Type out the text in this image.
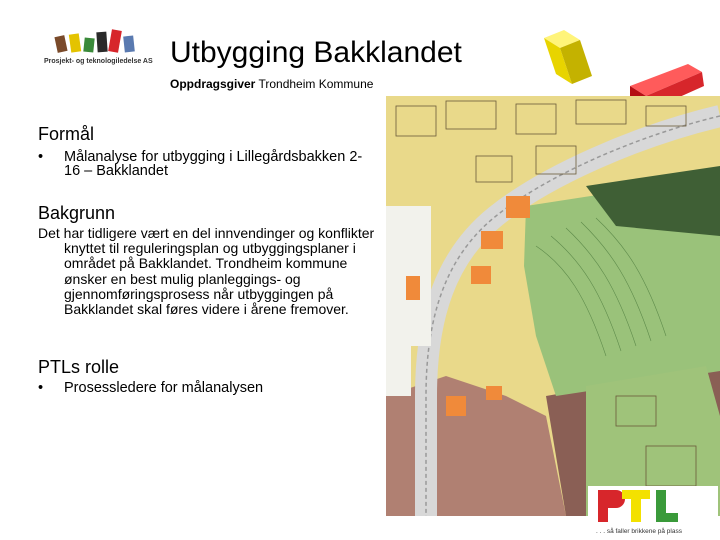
Prosjekt- og teknologiledelse AS Utbygging Bakklandet
Oppdragsgiver Trondheim Kommune
Formål
• Målanalyse for utbygging i Lillegårdsbakken 2-16 – Bakklandet
Bakgrunn
Det har tidligere vært en del innvendinger og konflikter knyttet til reguleringsplan og utbyggingsplaner i området på Bakklandet. Trondheim kommune ønsker en best mulig planleggings- og gjennomføringsprosess når utbyggingen på Bakklandet skal føres videre i årene fremover.
PTLs rolle
• Prosessledere for målanalysen
. . . så faller brikkene på plass
